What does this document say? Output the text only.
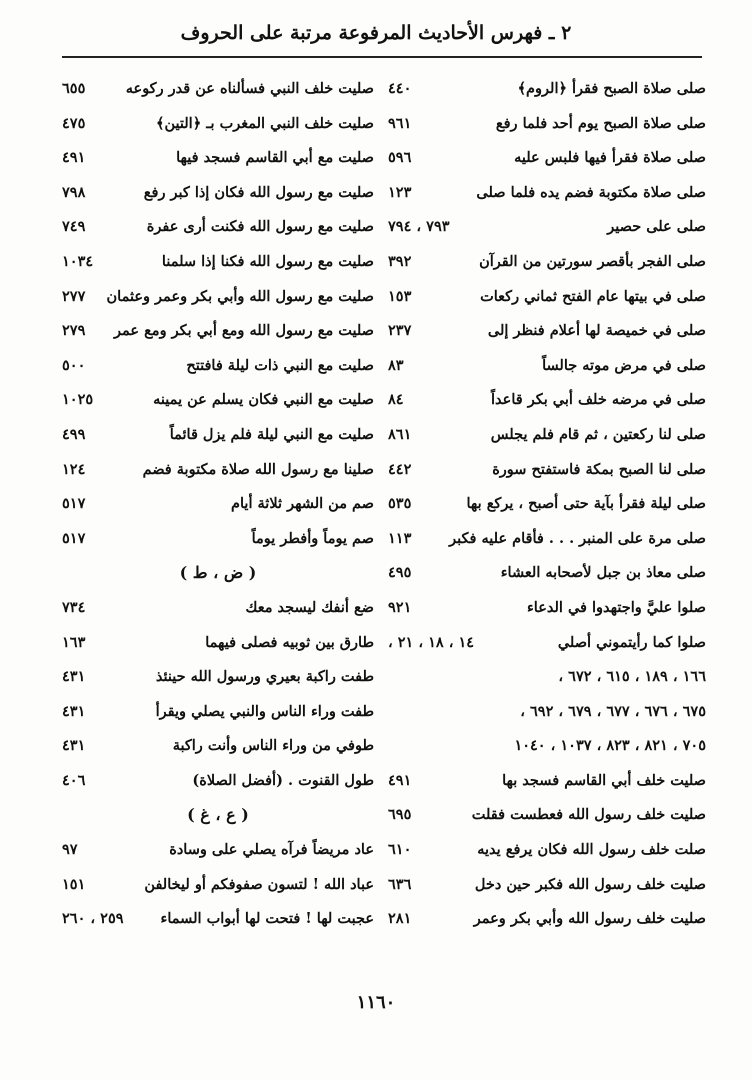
٢ ـ فهرس الأحاديث المرفوعة مرتبة على الحروف
صلى صلاة الصبح فقرأ ﴿الروم﴾
٤٤٠
صلى صلاة الصبح يوم أحد فلما رفع
٩٦١
صلى صلاة فقرأ فيها فلبس عليه
٥٩٦
صلى صلاة مكتوبة فضم يده فلما صلى
١٢٣
صلى على حصير
٧٩٣ ، ٧٩٤
صلى الفجر بأقصر سورتين من القرآن
٣٩٢
صلى في بيتها عام الفتح ثماني ركعات
١٥٣
صلى في خميصة لها أعلام فنظر إلى
٢٣٧
صلى في مرض موته جالساً
٨٣
صلى في مرضه خلف أبي بكر قاعداً
٨٤
صلى لنا ركعتين ، ثم قام فلم يجلس
٨٦١
صلى لنا الصبح بمكة فاستفتح سورة
٤٤٢
صلى ليلة فقرأ بآية حتى أصبح ، يركع بها
٥٣٥
صلى مرة على المنبر . . . فأقام عليه فكبر
١١٣
صلى معاذ بن جبل لأصحابه العشاء
٤٩٥
صلوا عليَّ واجتهدوا في الدعاء
٩٢١
صلوا كما رأيتموني أصلي
١٤ ، ١٨ ، ٢١ ،
١٦٦ ، ١٨٩ ، ٦١٥ ، ٦٧٢ ،
٦٧٥ ، ٦٧٦ ، ٦٧٧ ، ٦٧٩ ، ٦٩٢ ،
٧٠٥ ، ٨٢١ ، ٨٢٣ ، ١٠٣٧ ، ١٠٤٠
صليت خلف أبي القاسم فسجد بها
٤٩١
صليت خلف رسول الله فعطست فقلت
٦٩٥
صلت خلف رسول الله فكان يرفع يديه
٦١٠
صليت خلف رسول الله فكبر حين دخل
٦٣٦
صليت خلف رسول الله وأبي بكر وعمر
٢٨١
صليت خلف النبي فسألناه عن قدر ركوعه
٦٥٥
صليت خلف النبي المغرب بـ ﴿التين﴾
٤٧٥
صليت مع أبي القاسم فسجد فيها
٤٩١
صليت مع رسول الله فكان إذا كبر رفع
٧٩٨
صليت مع رسول الله فكنت أرى عفرة
٧٤٩
صليت مع رسول الله فكنا إذا سلمنا
١٠٣٤
صليت مع رسول الله وأبي بكر وعمر وعثمان
٢٧٧
صليت مع رسول الله ومع أبي بكر ومع عمر
٢٧٩
صليت مع النبي ذات ليلة فافتتح
٥٠٠
صليت مع النبي فكان يسلم عن يمينه
١٠٢٥
صليت مع النبي ليلة فلم يزل قائماً
٤٩٩
صلينا مع رسول الله صلاة مكتوبة فضم
١٢٤
صم من الشهر ثلاثة أيام
٥١٧
صم يوماً وأفطر يوماً
٥١٧
( ض ، ط )
ضع أنفك ليسجد معك
٧٣٤
طارق بين ثوبيه فصلى فيهما
١٦٣
طفت راكبة بعيري ورسول الله حينئذ
٤٣١
طفت وراء الناس والنبي يصلي ويقرأ
٤٣١
طوفي من وراء الناس وأنت راكبة
٤٣١
طول القنوت . (أفضل الصلاة)
٤٠٦
( ع ، غ )
عاد مريضاً فرآه يصلي على وسادة
٩٧
عباد الله ! لتسون صفوفكم أو ليخالفن
١٥١
عجبت لها ! فتحت لها أبواب السماء
٢٥٩ ، ٢٦٠
١١٦٠
